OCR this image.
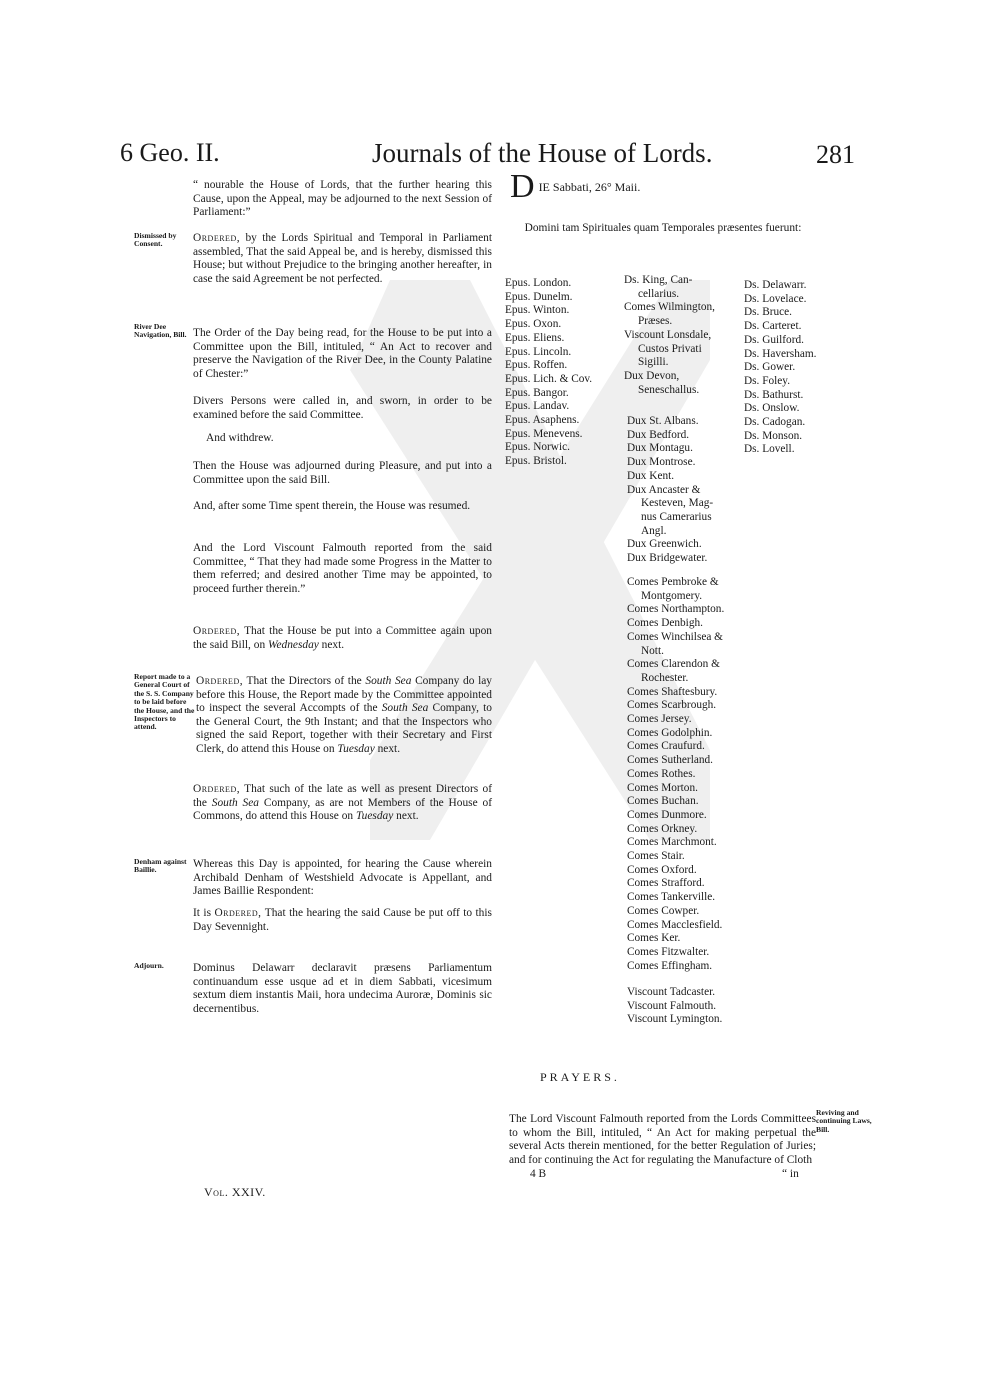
6 Geo. II.	Journals of the House of Lords.	281
“ nourable the House of Lords, that the further hearing this Cause, upon the Appeal, may be adjourned to the next Session of Parliament:”
Dismissed by Consent.	Ordered, by the Lords Spiritual and Temporal in Parliament assembled, That the said Appeal be, and is hereby, dismissed this House; but without Prejudice to the bringing another hereafter, in case the said Agreement be not perfected.
River Dee Navigation, Bill. The Order of the Day being read, for the House to be put into a Committee upon the Bill, intituled, “ An Act to recover and preserve the Navigation of the River Dee, in the County Palatine of Chester:”
Divers Persons were called in, and sworn, in order to be examined before the said Committee.
And withdrew.
Then the House was adjourned during Pleasure, and put into a Committee upon the said Bill.
And, after some Time spent therein, the House was resumed.
And the Lord Viscount Falmouth reported from the said Committee, “ That they had made some Progress in the Matter to them referred; and desired another Time may be appointed, to proceed further therein.”
Ordered, That the House be put into a Committee again upon the said Bill, on Wednesday next.
Report made to a General Court of the S. S. Company to be laid before the House, and the Inspectors to attend.
Ordered, That the Directors of the South Sea Company do lay before this House, the Report made by the Committee appointed to inspect the several Accompts of the South Sea Company, to the General Court, the 9th Instant; and that the Inspectors who signed the said Report, together with their Secretary and First Clerk, do attend this House on Tuesday next.
Ordered, That such of the late as well as present Directors of the South Sea Company, as are not Members of the House of Commons, do attend this House on Tuesday next.
Denham against Baillie.	Whereas this Day is appointed, for hearing the Cause wherein Archibald Denham of Westshield Advocate is Appellant, and James Baillie Respondent:
It is Ordered, That the hearing the said Cause be put off to this Day Sevennight.
Adjourn.	Dominus Delawarr declaravit præsens Parliamentum continuandum esse usque ad et in diem Sabbati, vicesimum sextum diem instantis Maii, hora undecima Auroræ, Dominis sic decernentibus.
Vol. XXIV.
DIE Sabbati, 26° Maii.
Domini tam Spirituales quam Temporales præsentes fuerunt:
Epus. London.
Epus. Dunelm.
Epus. Winton.
Epus. Oxon.
Epus. Eliens.
Epus. Lincoln.
Epus. Roffen.
Epus. Lich. & Cov.
Epus. Bangor.
Epus. Landav.
Epus. Asaphens.
Epus. Menevens.
Epus. Norwic.
Epus. Bristol.
Ds. King, Can-
cellarius.
Comes Wilmington,
Præses.
Viscount Lonsdale,
Custos Privati
Sigilli.
Dux Devon,
Seneschallus.
Dux St. Albans.
Dux Bedford.
Dux Montagu.
Dux Montrose.
Dux Kent.
Dux Ancaster &
Kesteven, Mag-
nus Camerarius
Angl.
Dux Greenwich.
Dux Bridgewater.
Comes Pembroke &
Montgomery.
Comes Northampton.
Comes Denbigh.
Comes Winchilsea &
Nott.
Comes Clarendon &
Rochester.
Comes Shaftesbury.
Comes Scarbrough.
Comes Jersey.
Comes Godolphin.
Comes Craufurd.
Comes Sutherland.
Comes Rothes.
Comes Morton.
Comes Buchan.
Comes Dunmore.
Comes Orkney.
Comes Marchmont.
Comes Stair.
Comes Oxford.
Comes Strafford.
Comes Tankerville.
Comes Cowper.
Comes Macclesfield.
Comes Ker.
Comes Fitzwalter.
Comes Effingham.
Viscount Tadcaster.
Viscount Falmouth.
Viscount Lymington.
Ds. Delawarr.
Ds. Lovelace.
Ds. Bruce.
Ds. Carteret.
Ds. Guilford.
Ds. Haversham.
Ds. Gower.
Ds. Foley.
Ds. Bathurst.
Ds. Onslow.
Ds. Cadogan.
Ds. Monson.
Ds. Lovell.
PRAYERS.
Reviving and continuing Laws, Bill.
The Lord Viscount Falmouth reported from the Lords Committees to whom the Bill, intituled, “ An Act for making perpetual the several Acts therein mentioned, for the better Regulation of Juries; and for continuing the Act for regulating the Manufacture of Cloth
4 B	“ in
